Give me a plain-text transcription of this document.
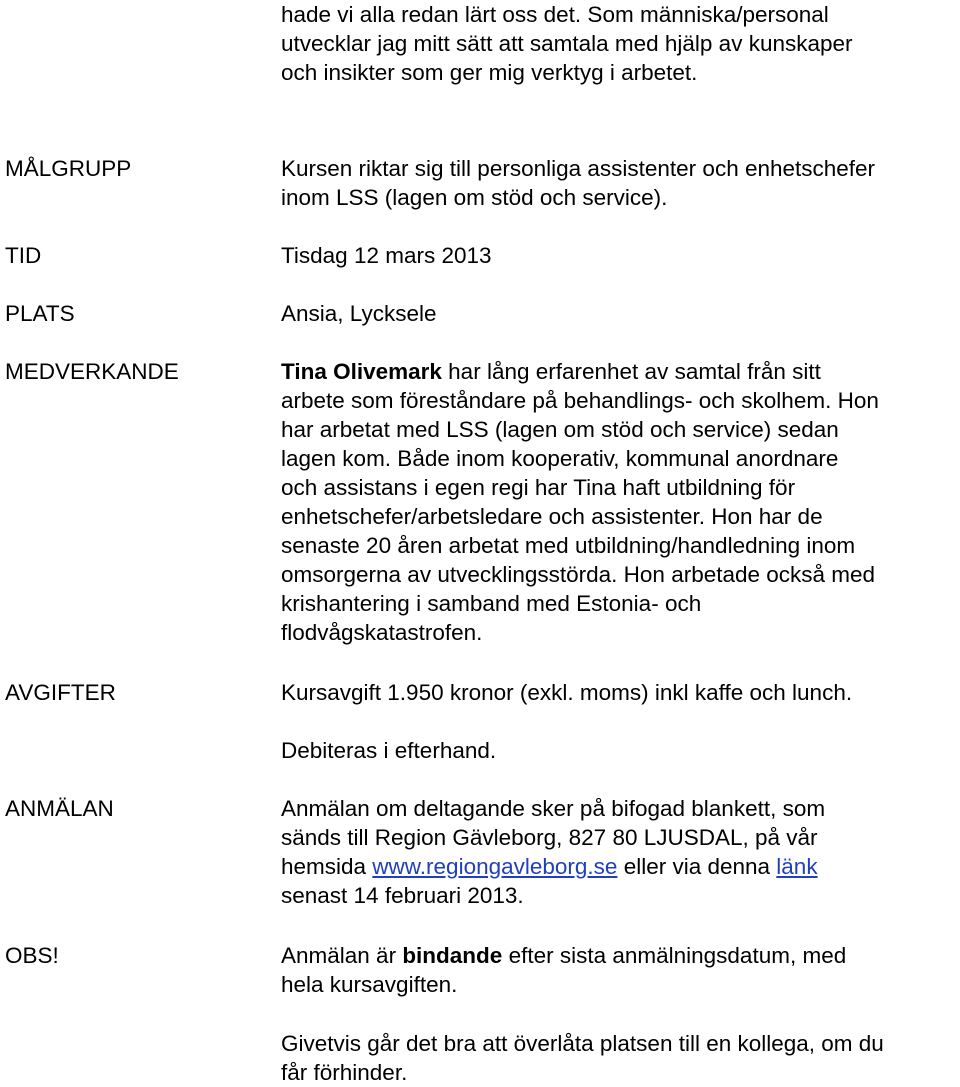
hade vi alla redan lärt oss det. Som människa/personal
utvecklar jag mitt sätt att samtala med hjälp av kunskaper
och insikter som ger mig verktyg i arbetet.
MÅLGRUPP	Kursen riktar sig till personliga assistenter och enhetschefer
inom LSS (lagen om stöd och service).
TID	Tisdag 12 mars 2013
PLATS	Ansia, Lycksele
MEDVERKANDE	Tina Olivemark har lång erfarenhet av samtal från sitt
arbete som föreståndare på behandlings- och skolhem. Hon
har arbetat med LSS (lagen om stöd och service) sedan
lagen kom. Både inom kooperativ, kommunal anordnare
och assistans i egen regi har Tina haft utbildning för
enhetschefer/arbetsledare och assistenter. Hon har de
senaste 20 åren arbetat med utbildning/handledning inom
omsorgerna av utvecklingsstörda. Hon arbetade också med
krishantering i samband med Estonia- och
flodvågskatastrofen.
AVGIFTER	Kursavgift 1.950 kronor (exkl. moms) inkl kaffe och lunch.
Debiteras i efterhand.
ANMÄLAN	Anmälan om deltagande sker på bifogad blankett, som
sänds till Region Gävleborg, 827 80 LJUSDAL, på vår
hemsida www.regiongavleborg.se eller via denna länk
senast 14 februari 2013.
OBS!	Anmälan är bindande efter sista anmälningsdatum, med
hela kursavgiften.
Givetvis går det bra att överlåta platsen till en kollega, om du
får förhinder.
